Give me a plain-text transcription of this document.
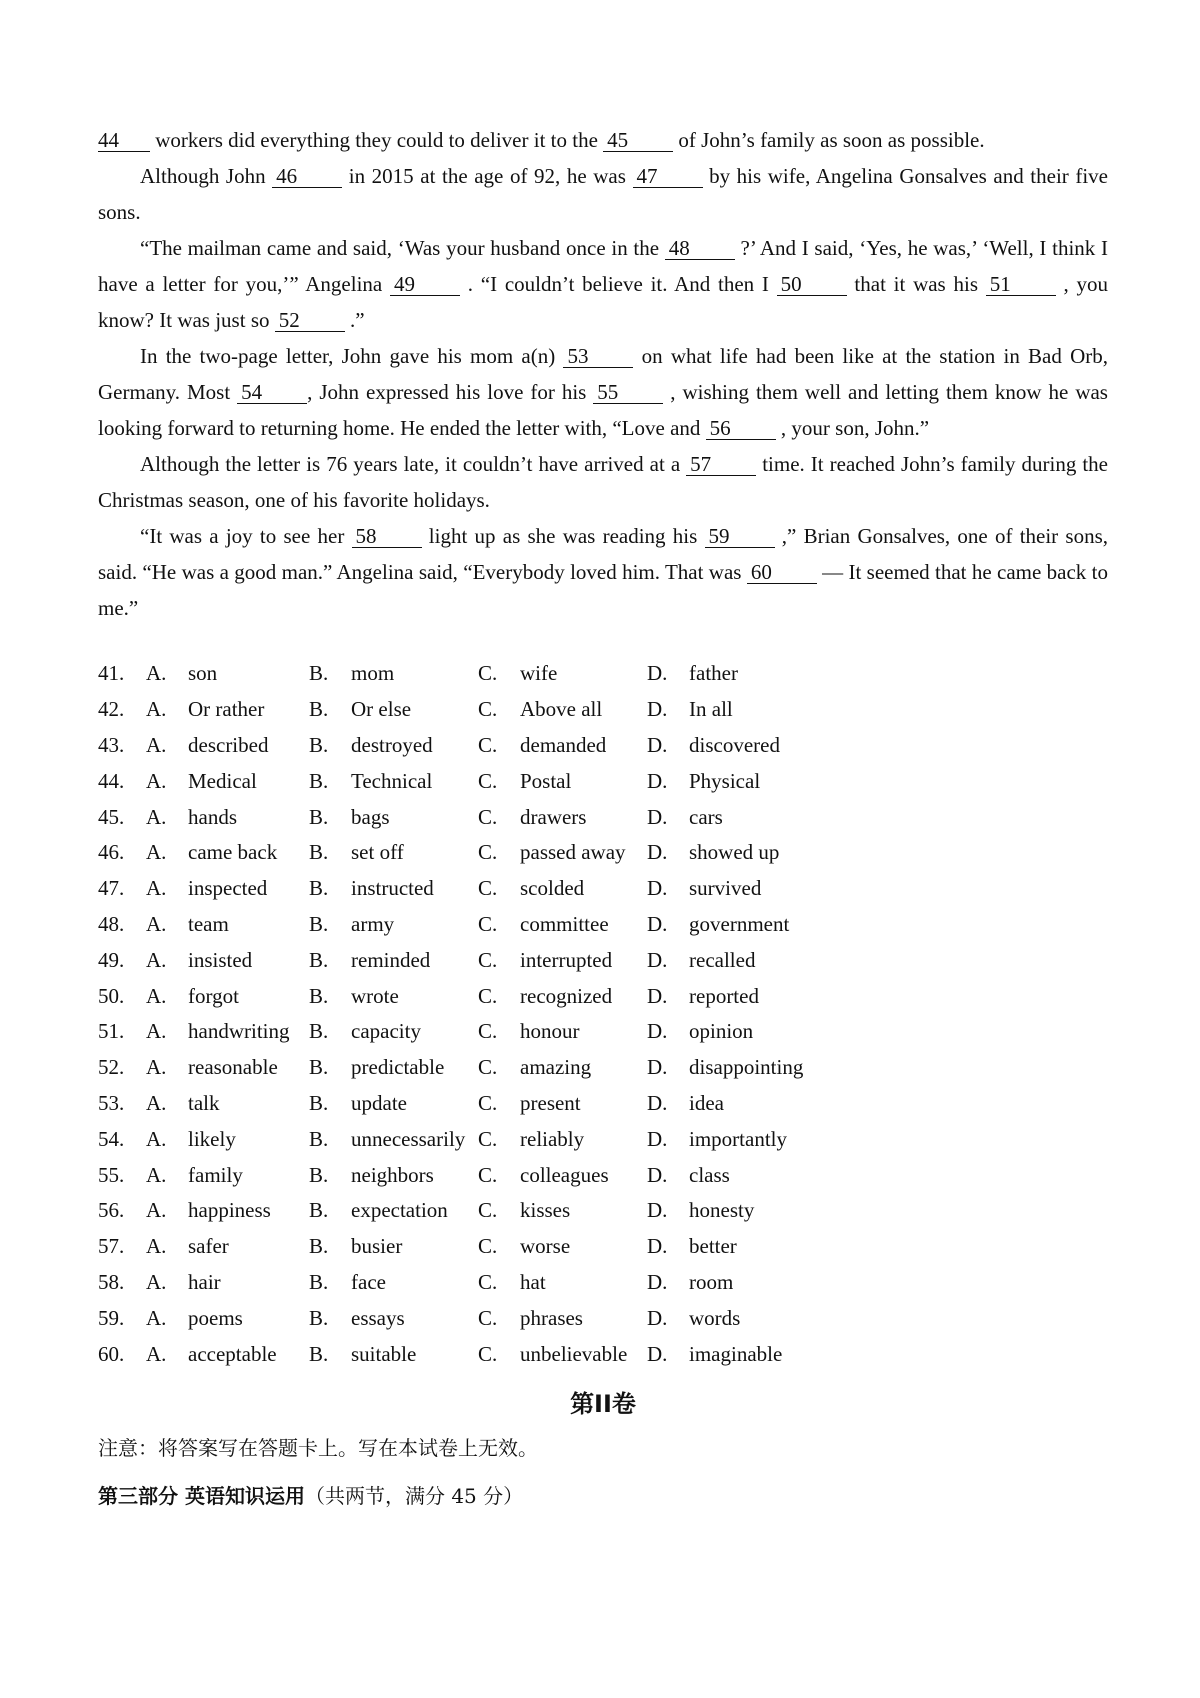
44 workers did everything they could to deliver it to the 45 of John’s family as soon as possible.

Although John 46 in 2015 at the age of 92, he was 47 by his wife, Angelina Gonsalves and their five sons.

“The mailman came and said, ‘Was your husband once in the 48 ?’ And I said, ‘Yes, he was,’ ‘Well, I think I have a letter for you,’” Angelina 49 . “I couldn’t believe it. And then I 50 that it was his 51 , you know? It was just so 52 .”

In the two-page letter, John gave his mom a(n) 53 on what life had been like at the station in Bad Orb, Germany. Most 54 , John expressed his love for his 55 , wishing them well and letting them know he was looking forward to returning home. He ended the letter with, “Love and 56 , your son, John.”

Although the letter is 76 years late, it couldn’t have arrived at a 57 time. It reached John’s family during the Christmas season, one of his favorite holidays.

“It was a joy to see her 58 light up as she was reading his 59 ,” Brian Gonsalves, one of their sons, said. “He was a good man.” Angelina said, “Everybody loved him. That was 60 — It seemed that he came back to me.”

41.	A.	son	B.	mom	C.	wife	D.	father
42.	A.	Or rather B.	Or else	C.	Above all D.	In all
43.	A.	described B.	destroyed C.	demanded D.	discovered
44.	A.	Medical B.	Technical C.	Postal	D.	Physical
45.	A.	hands	B.	bags	C.	drawers	D.	cars
46.	A.	came back B.	set off	C.	passed away D.	showed up
47.	A.	inspected B.	instructed C.	scolded	D.	survived
48.	A.	team	B.	army	C.	committee D.	government
49.	A.	insisted	B.	reminded C.	interrupted D.	recalled
50.	A.	forgot	B.	wrote	C.	recognized D.	reported
51.	A.	handwriting B.	capacity	C.	honour	D.	opinion
52.	A.	reasonable B.	predictable C.	amazing	D.	disappointing
53.	A.	talk	B.	update	C.	present	D.	idea
54.	A.	likely	B.	unnecessarily C.	reliably	D.	importantly
55.	A.	family	B.	neighbors C.	colleagues D.	class
56.	A.	happiness B.	expectation C.	kisses	D.	honesty
57.	A.	safer	B.	busier	C.	worse	D.	better
58.	A.	hair	B.	face	C.	hat	D.	room
59.	A.	poems	B.	essays	C.	phrases	D.	words
60.	A.	acceptable B.	suitable	C.	unbelievable D.	imaginable
第II卷
注意：将答案写在答题卡上。写在本试卷上无效。
第三部分 英语知识运用（共两节，满分 45 分）
